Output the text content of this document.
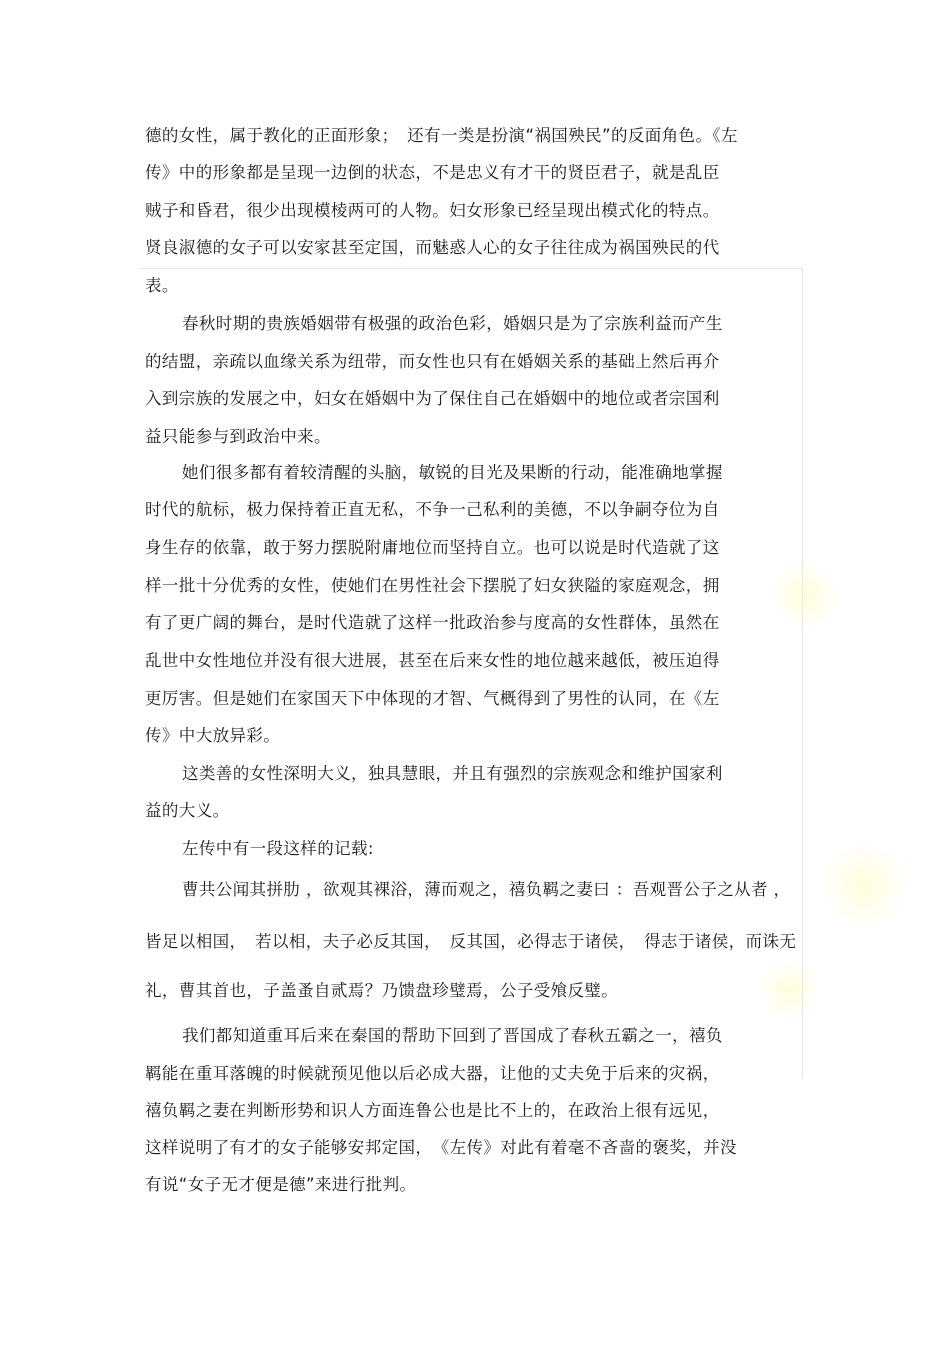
德的女性，属于教化的正面形象；　还有一类是扮演“祸国殃民”的反面角色。《左
传》中的形象都是呈现一边倒的状态，不是忠义有才干的贤臣君子，就是乱臣
贼子和昏君，很少出现模棱两可的人物。妇女形象已经呈现出模式化的特点。
贤良淑德的女子可以安家甚至定国，而魅惑人心的女子往往成为祸国殃民的代
表。
春秋时期的贵族婚姻带有极强的政治色彩，婚姻只是为了宗族利益而产生
的结盟，亲疏以血缘关系为纽带，而女性也只有在婚姻关系的基础上然后再介
入到宗族的发展之中，妇女在婚姻中为了保住自己在婚姻中的地位或者宗国利
益只能参与到政治中来。
她们很多都有着较清醒的头脑，敏锐的目光及果断的行动，能准确地掌握
时代的航标，极力保持着正直无私，不争一己私利的美德，不以争嗣夺位为自
身生存的依靠，敢于努力摆脱附庸地位而坚持自立。也可以说是时代造就了这
样一批十分优秀的女性，使她们在男性社会下摆脱了妇女狭隘的家庭观念，拥
有了更广阔的舞台，是时代造就了这样一批政治参与度高的女性群体，虽然在
乱世中女性地位并没有很大进展，甚至在后来女性的地位越来越低，被压迫得
更厉害。但是她们在家国天下中体现的才智、气概得到了男性的认同，在《左
传》中大放异彩。
这类善的女性深明大义，独具慧眼，并且有强烈的宗族观念和维护国家利
益的大义。
左传中有一段这样的记载:
曹共公闻其拼肋 ，欲观其裸浴，薄而观之，禧负羁之妻曰 ：吾观晋公子之从者 ，
皆足以相国，　若以相，夫子必反其国，　反其国，必得志于诸侯，　得志于诸侯，而诛无
礼，曹其首也，子盖蚤自贰焉？乃馈盘珍璧焉，公子受飧反璧。
我们都知道重耳后来在秦国的帮助下回到了晋国成了春秋五霸之一，禧负
羁能在重耳落魄的时候就预见他以后必成大器，让他的丈夫免于后来的灾祸，
禧负羁之妻在判断形势和识人方面连鲁公也是比不上的，在政治上很有远见，
这样说明了有才的女子能够安邦定国，　《左传》对此有着毫不吝啬的褒奖，并没
有说“女子无才便是德”来进行批判。
